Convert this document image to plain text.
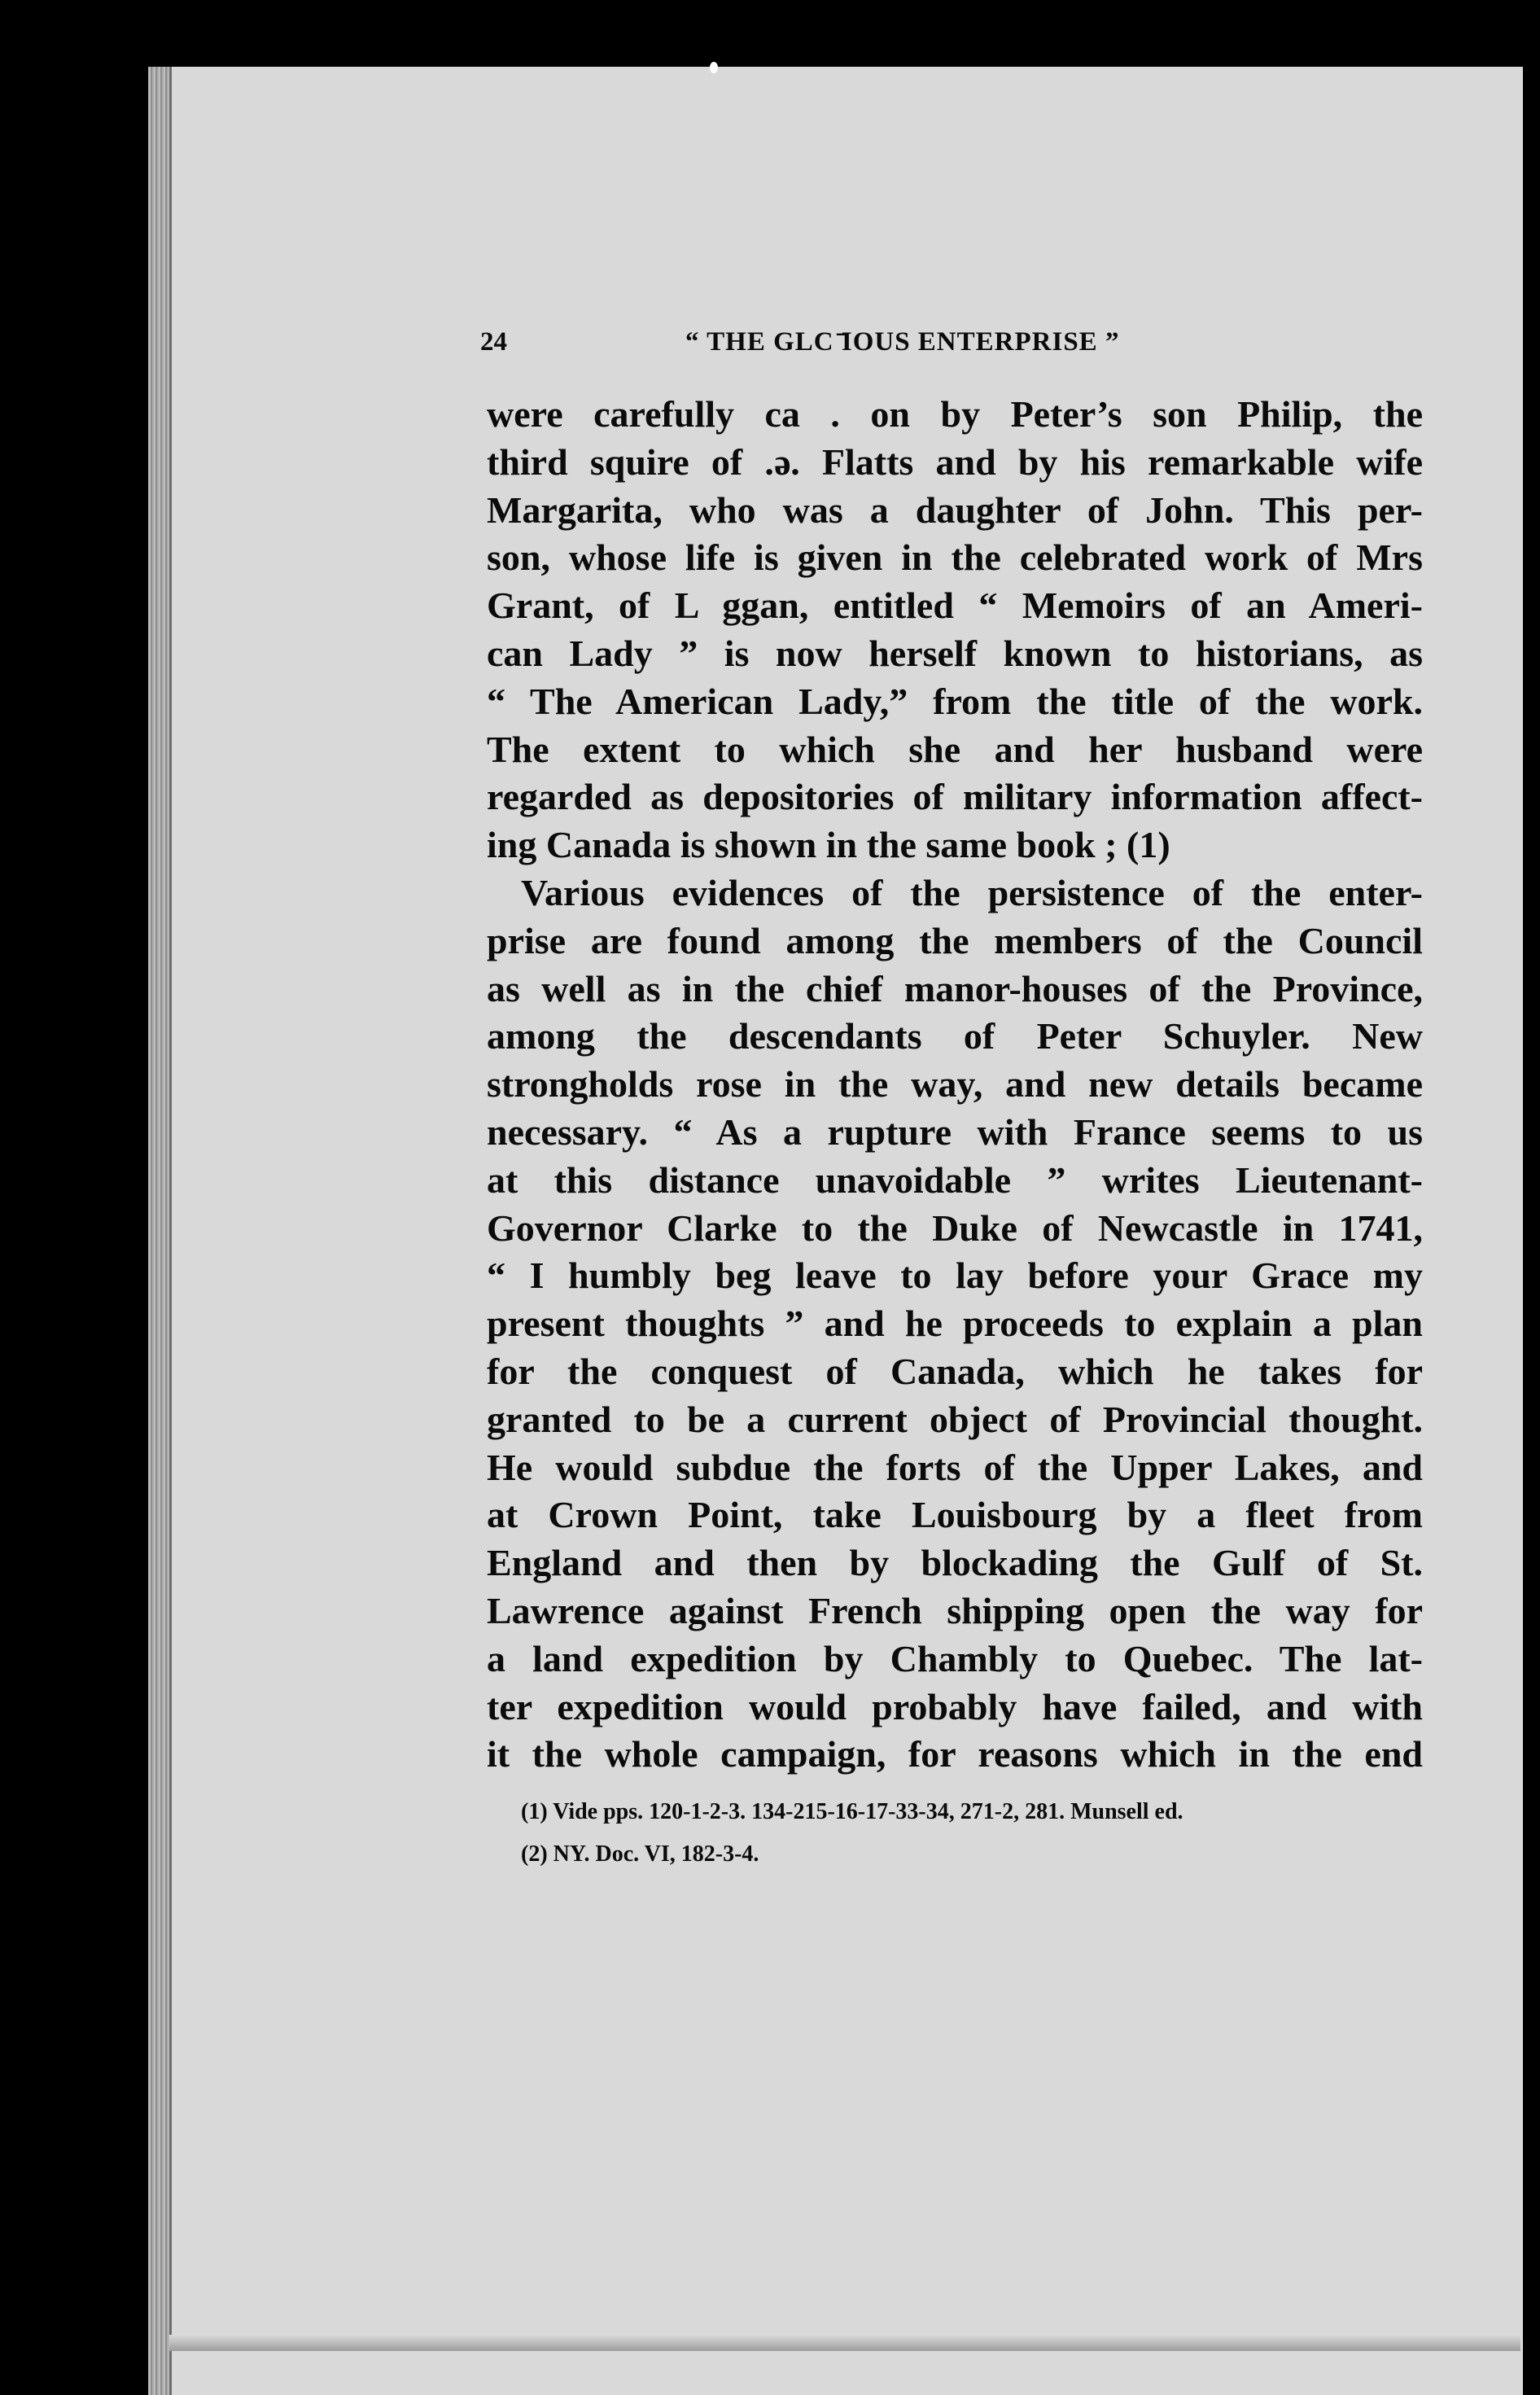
24	“ THE GLC ̄IOUS ENTERPRISE ”
were carefully ca . on by Peter’s son Philip, the
third squire of .ǝ. Flatts and by his remarkable wife
Margarita, who was a daughter of John. This per-
son, whose life is given in the celebrated work of Mrs
Grant, of L ggan, entitled “ Memoirs of an Ameri-
can Lady ” is now herself known to historians, as
“ The American Lady,” from the title of the work.
The extent to which she and her husband were
regarded as depositories of military information affect-
ing Canada is shown in the same book ; (1)
Various evidences of the persistence of the enter-
prise are found among the members of the Council
as well as in the chief manor-houses of the Province,
among the descendants of Peter Schuyler. New
strongholds rose in the way, and new details became
necessary. “ As a rupture with France seems to us
at this distance unavoidable ” writes Lieutenant-
Governor Clarke to the Duke of Newcastle in 1741,
“ I humbly beg leave to lay before your Grace my
present thoughts ” and he proceeds to explain a plan
for the conquest of Canada, which he takes for
granted to be a current object of Provincial thought.
He would subdue the forts of the Upper Lakes, and
at Crown Point, take Louisbourg by a fleet from
England and then by blockading the Gulf of St.
Lawrence against French shipping open the way for
a land expedition by Chambly to Quebec. The lat-
ter expedition would probably have failed, and with
it the whole campaign, for reasons which in the end
(1) Vide pps. 120-1-2-3. 134-215-16-17-33-34, 271-2, 281. Munsell ed.
(2) NY. Doc. VI, 182-3-4.
